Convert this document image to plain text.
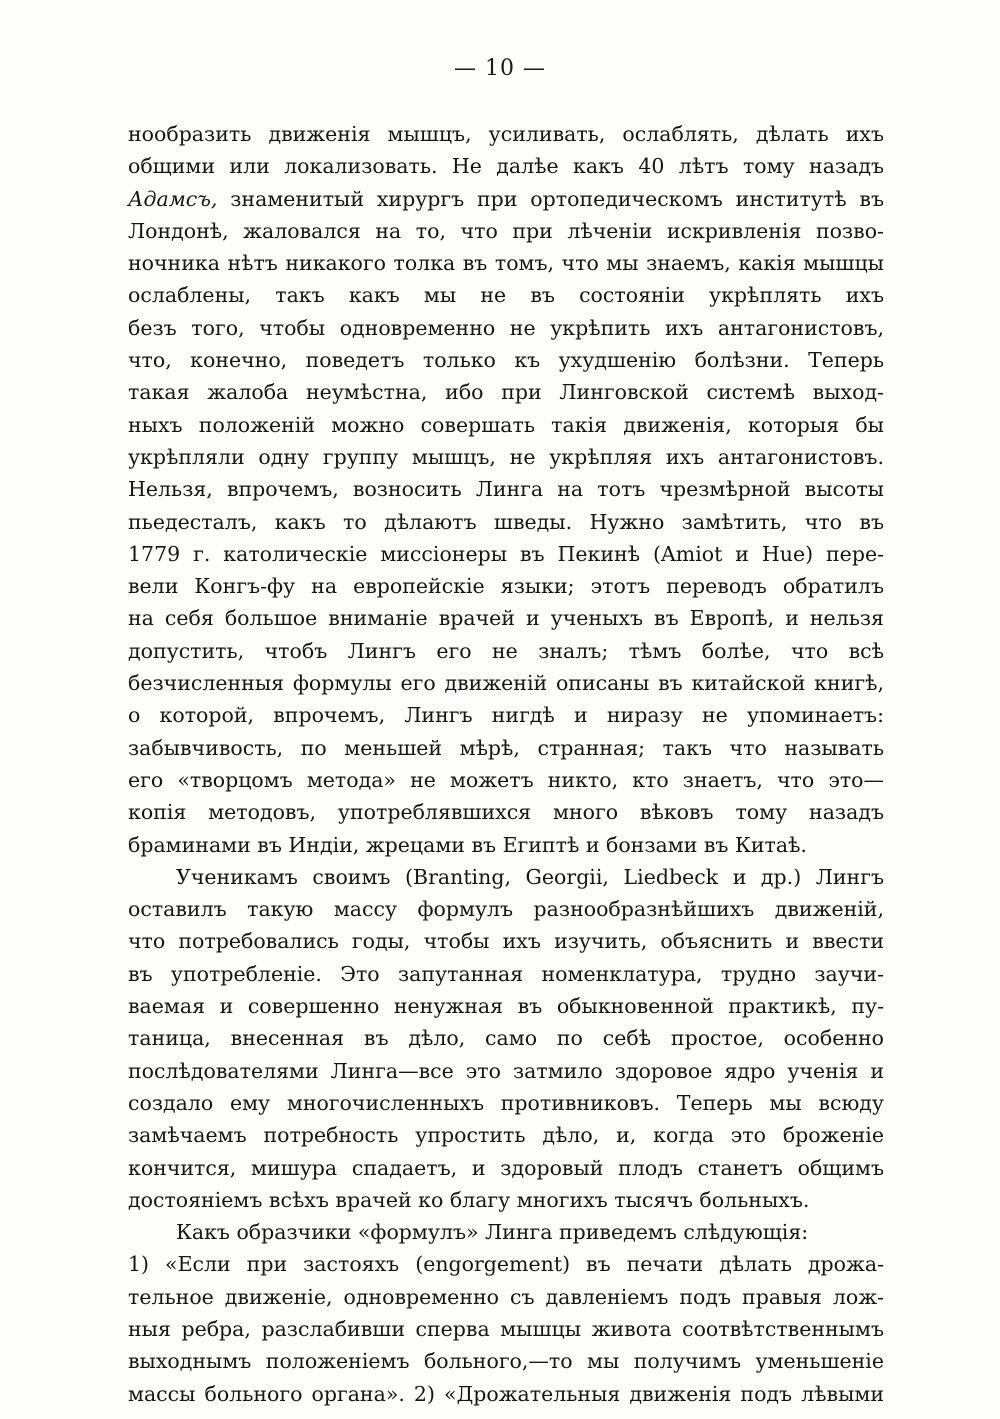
— 10 —
нообразить движенія мышцъ, усиливать, ослаблять, дѣлать ихъ
общими или локализовать. Не далѣе какъ 40 лѣтъ тому назадъ
Адамсъ, знаменитый хирургъ при ортопедическомъ институтѣ въ
Лондонѣ, жаловался на то, что при лѣченіи искривленія позво-
ночника нѣтъ никакого толка въ томъ, что мы знаемъ, какія мышцы
ослаблены, такъ какъ мы не въ состояніи укрѣплять ихъ
безъ того, чтобы одновременно не укрѣпить ихъ антагонистовъ,
что, конечно, поведетъ только къ ухудшенію болѣзни. Теперь
такая жалоба неумѣстна, ибо при Линговской системѣ выход-
ныхъ положеній можно совершать такія движенія, которыя бы
укрѣпляли одну группу мышцъ, не укрѣпляя ихъ антагонистовъ.
Нельзя, впрочемъ, возносить Линга на тотъ чрезмѣрной высоты
пьедесталъ, какъ то дѣлаютъ шведы. Нужно замѣтить, что въ
1779 г. католическіе миссіонеры въ Пекинѣ (Amiot и Hue) пере-
вели Конгъ-фу на европейскіе языки; этотъ переводъ обратилъ
на себя большое вниманіе врачей и ученыхъ въ Европѣ, и нельзя
допустить, чтобъ Лингъ его не зналъ; тѣмъ болѣе, что всѣ
безчисленныя формулы его движеній описаны въ китайской книгѣ,
о которой, впрочемъ, Лингъ нигдѣ и ниразу не упоминаетъ:
забывчивость, по меньшей мѣрѣ, странная; такъ что называть
его «творцомъ метода» не можетъ никто, кто знаетъ, что это—
копія методовъ, употреблявшихся много вѣковъ тому назадъ
браминами въ Индіи, жрецами въ Египтѣ и бонзами въ Китаѣ.
Ученикамъ своимъ (Branting, Georgii, Liedbeck и др.) Лингъ
оставилъ такую массу формулъ разнообразнѣйшихъ движеній,
что потребовались годы, чтобы ихъ изучить, объяснить и ввести
въ употребленіе. Это запутанная номенклатура, трудно заучи-
ваемая и совершенно ненужная въ обыкновенной практикѣ, пу-
таница, внесенная въ дѣло, само по себѣ простое, особенно
послѣдователями Линга—все это затмило здоровое ядро ученія и
создало ему многочисленныхъ противниковъ. Теперь мы всюду
замѣчаемъ потребность упростить дѣло, и, когда это броженіе
кончится, мишура спадаетъ, и здоровый плодъ станетъ общимъ
достояніемъ всѣхъ врачей ко благу многихъ тысячъ больныхъ.
Какъ образчики «формулъ» Линга приведемъ слѣдующія:
1) «Если при застояхъ (engorgement) въ печати дѣлать дрожа-
тельное движеніе, одновременно съ давленіемъ подъ правыя лож-
ныя ребра, разслабивши сперва мышцы живота соотвѣтственнымъ
выходнымъ положеніемъ больного,—то мы получимъ уменьшеніе
массы больного органа». 2) «Дрожательныя движенія подъ лѣвыми
